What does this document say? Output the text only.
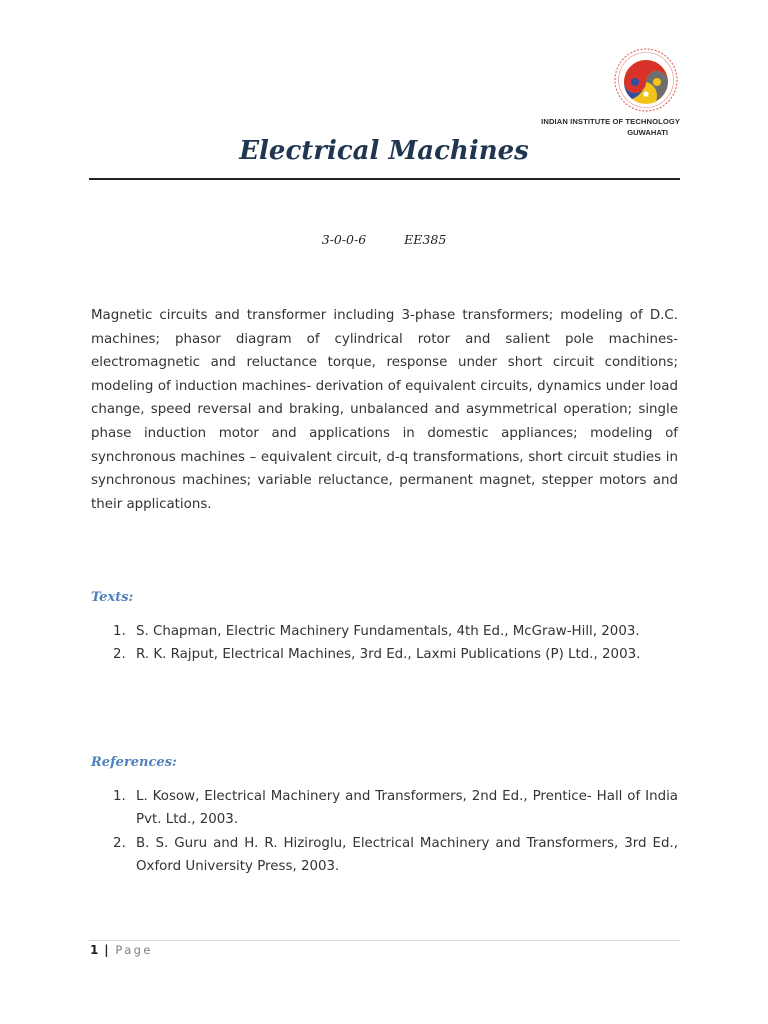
INDIAN INSTITUTE OF TECHNOLOGY
GUWAHATI
Electrical Machines
3-0-0-6	EE385

Magnetic circuits and transformer including 3-phase transformers; modeling of D.C. machines; phasor diagram of cylindrical rotor and salient pole machines-electromagnetic and reluctance torque, response under short circuit conditions; modeling of induction machines- derivation of equivalent circuits, dynamics under load change, speed reversal and braking, unbalanced and asymmetrical operation; single phase induction motor and applications in domestic appliances; modeling of synchronous machines – equivalent circuit, d-q transformations, short circuit studies in synchronous machines; variable reluctance, permanent magnet, stepper motors and their applications.

Texts:
1. S. Chapman, Electric Machinery Fundamentals, 4th Ed., McGraw-Hill, 2003.
2. R. K. Rajput, Electrical Machines, 3rd Ed., Laxmi Publications (P) Ltd., 2003.
References:
1. L. Kosow, Electrical Machinery and Transformers, 2nd Ed., Prentice- Hall of India Pvt. Ltd., 2003.
2. B. S. Guru and H. R. Hiziroglu, Electrical Machinery and Transformers, 3rd Ed., Oxford University Press, 2003.
1 | Page
